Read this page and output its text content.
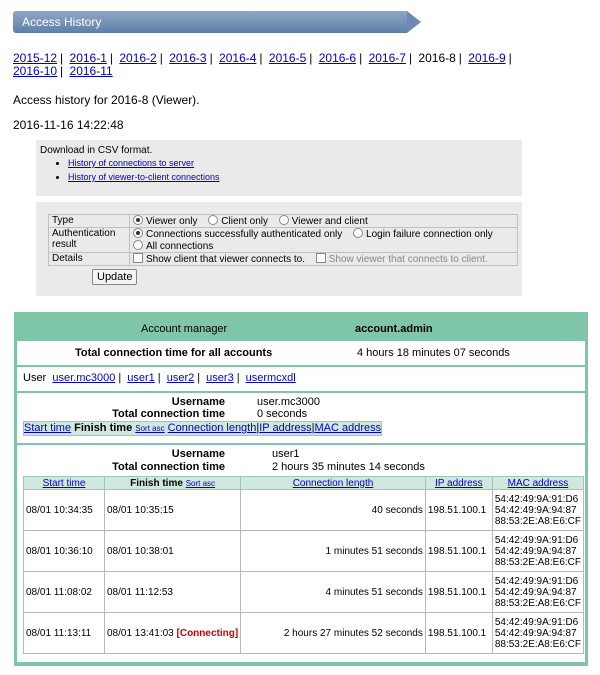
Access History
2015-12 | 2016-1 | 2016-2 | 2016-3 | 2016-4 | 2016-5 | 2016-6 | 2016-7 | 2016-8 | 2016-9 |
2016-10 | 2016-11
Access history for 2016-8 (Viewer).
2016-11-16 14:22:48
Download in CSV format.
• History of connections to server
• History of viewer-to-client connections
Type	Viewer only Client only Viewer and client
Authentication result	Connections successfully authenticated only Login failure connection only
All connections
Details	Show client that viewer connects to. Show viewer that connects to client.
Update
Account manager	account.admin
Total connection time for all accounts	4 hours 18 minutes 07 seconds
User user.mc3000 | user1 | user2 | user3 | usermcxdl
Username	user.mc3000
Total connection time	0 seconds
Start time Finish time Sort asc Connection length|IP address|MAC address
Username	user1
Total connection time	2 hours 35 minutes 14 seconds
Start time	Finish time Sort asc	Connection length	IP address	MAC address
08/01 10:34:35	08/01 10:35:15	40 seconds	198.51.100.1	54:42:49:9A:91:D6
54:42:49:9A:94:87
88:53:2E:A8:E6:CF

08/01 10:36:10	08/01 10:38:01	1 minutes 51 seconds	198.51.100.1	54:42:49:9A:91:D6
54:42:49:9A:94:87
88:53:2E:A8:E6:CF

08/01 11:08:02	08/01 11:12:53	4 minutes 51 seconds	198.51.100.1	54:42:49:9A:91:D6
54:42:49:9A:94:87
88:53:2E:A8:E6:CF

08/01 11:13:11	08/01 13:41:03 [Connecting]	2 hours 27 minutes 52 seconds	198.51.100.1	54:42:49:9A:91:D6
54:42:49:9A:94:87
88:53:2E:A8:E6:CF
